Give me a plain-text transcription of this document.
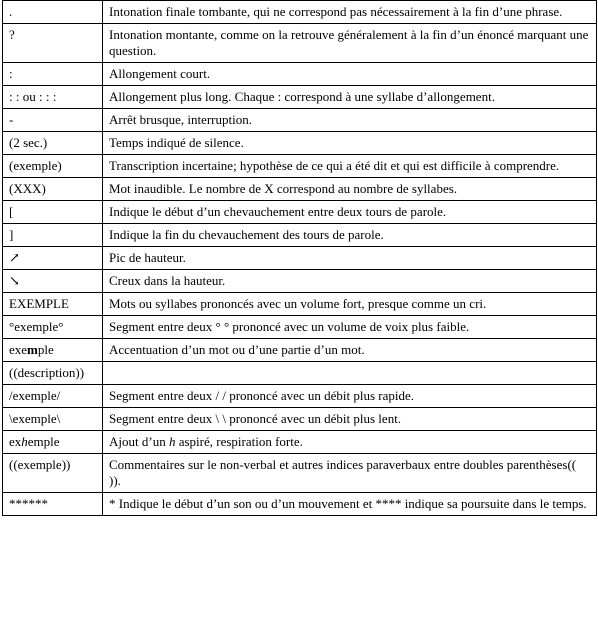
.	Intonation finale tombante, qui ne correspond pas nécessairement à la fin d’une phrase.
?	Intonation montante, comme on la retrouve généralement à la fin d’un énoncé marquant une question.
:	Allongement court.
: : ou : : :	Allongement plus long. Chaque : correspond à une syllabe d’allongement.
-	Arrêt brusque, interruption.
(2 sec.)	Temps indiqué de silence.
(exemple)	Transcription incertaine; hypothèse de ce qui a été dit et qui est difficile à comprendre.
(XXX)	Mot inaudible. Le nombre de X correspond au nombre de syllabes.
[	Indique le début d’un chevauchement entre deux tours de parole.
]	Indique la fin du chevauchement des tours de parole.
↗	Pic de hauteur.
↘	Creux dans la hauteur.
EXEMPLE	Mots ou syllabes prononcés avec un volume fort, presque comme un cri.
°exemple°	Segment entre deux ° ° prononcé avec un volume de voix plus faible.
exemple	Accentuation d’un mot ou d’une partie d’un mot.
((description))	
/exemple/	Segment entre deux / / prononcé avec un débit plus rapide.
\exemple\	Segment entre deux \ \ prononcé avec un débit plus lent.
exhemple	Ajout d’un h aspiré, respiration forte.
((exemple))	Commentaires sur le non-verbal et autres indices paraverbaux entre doubles parenthèses(( )).
******	* Indique le début d’un son ou d’un mouvement et **** indique sa poursuite dans le temps.
